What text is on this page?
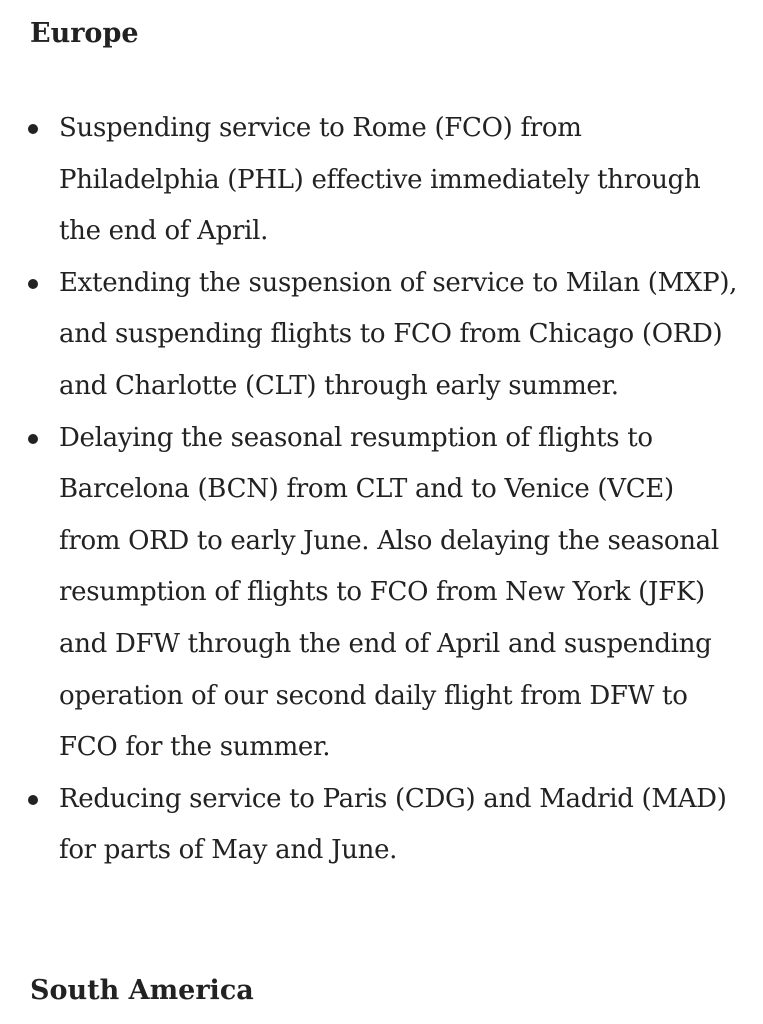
Europe
Suspending service to Rome (FCO) from Philadelphia (PHL) effective immediately through the end of April.
Extending the suspension of service to Milan (MXP), and suspending flights to FCO from Chicago (ORD) and Charlotte (CLT) through early summer.
Delaying the seasonal resumption of flights to Barcelona (BCN) from CLT and to Venice (VCE) from ORD to early June. Also delaying the seasonal resumption of flights to FCO from New York (JFK) and DFW through the end of April and suspending operation of our second daily flight from DFW to FCO for the summer.
Reducing service to Paris (CDG) and Madrid (MAD) for parts of May and June.
South America
